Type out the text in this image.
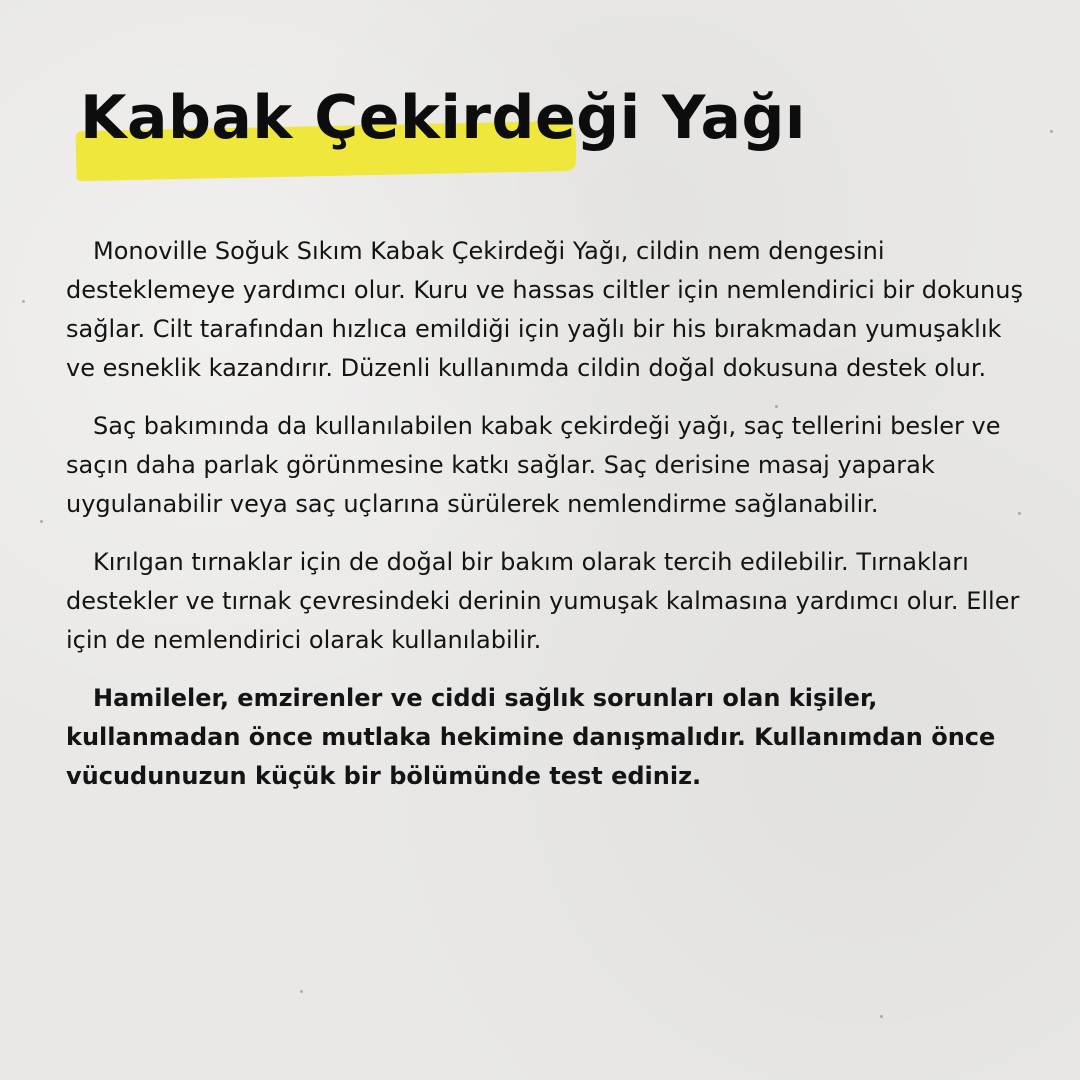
Kabak Çekirdeği Yağı

Monoville Soğuk Sıkım Kabak Çekirdeği Yağı, cildin nem dengesini desteklemeye yardımcı olur. Kuru ve hassas ciltler için nemlendirici bir dokunuş sağlar. Cilt tarafından hızlıca emildiği için yağlı bir his bırakmadan yumuşaklık ve esneklik kazandırır. Düzenli kullanımda cildin doğal dokusuna destek olur.

Saç bakımında da kullanılabilen kabak çekirdeği yağı, saç tellerini besler ve saçın daha parlak görünmesine katkı sağlar. Saç derisine masaj yaparak uygulanabilir veya saç uçlarına sürülerek nemlendirme sağlanabilir.

Kırılgan tırnaklar için de doğal bir bakım olarak tercih edilebilir. Tırnakları destekler ve tırnak çevresindeki derinin yumuşak kalmasına yardımcı olur. Eller için de nemlendirici olarak kullanılabilir.

Hamileler, emzirenler ve ciddi sağlık sorunları olan kişiler, kullanmadan önce mutlaka hekimine danışmalıdır. Kullanımdan önce vücudunuzun küçük bir bölümünde test ediniz.
